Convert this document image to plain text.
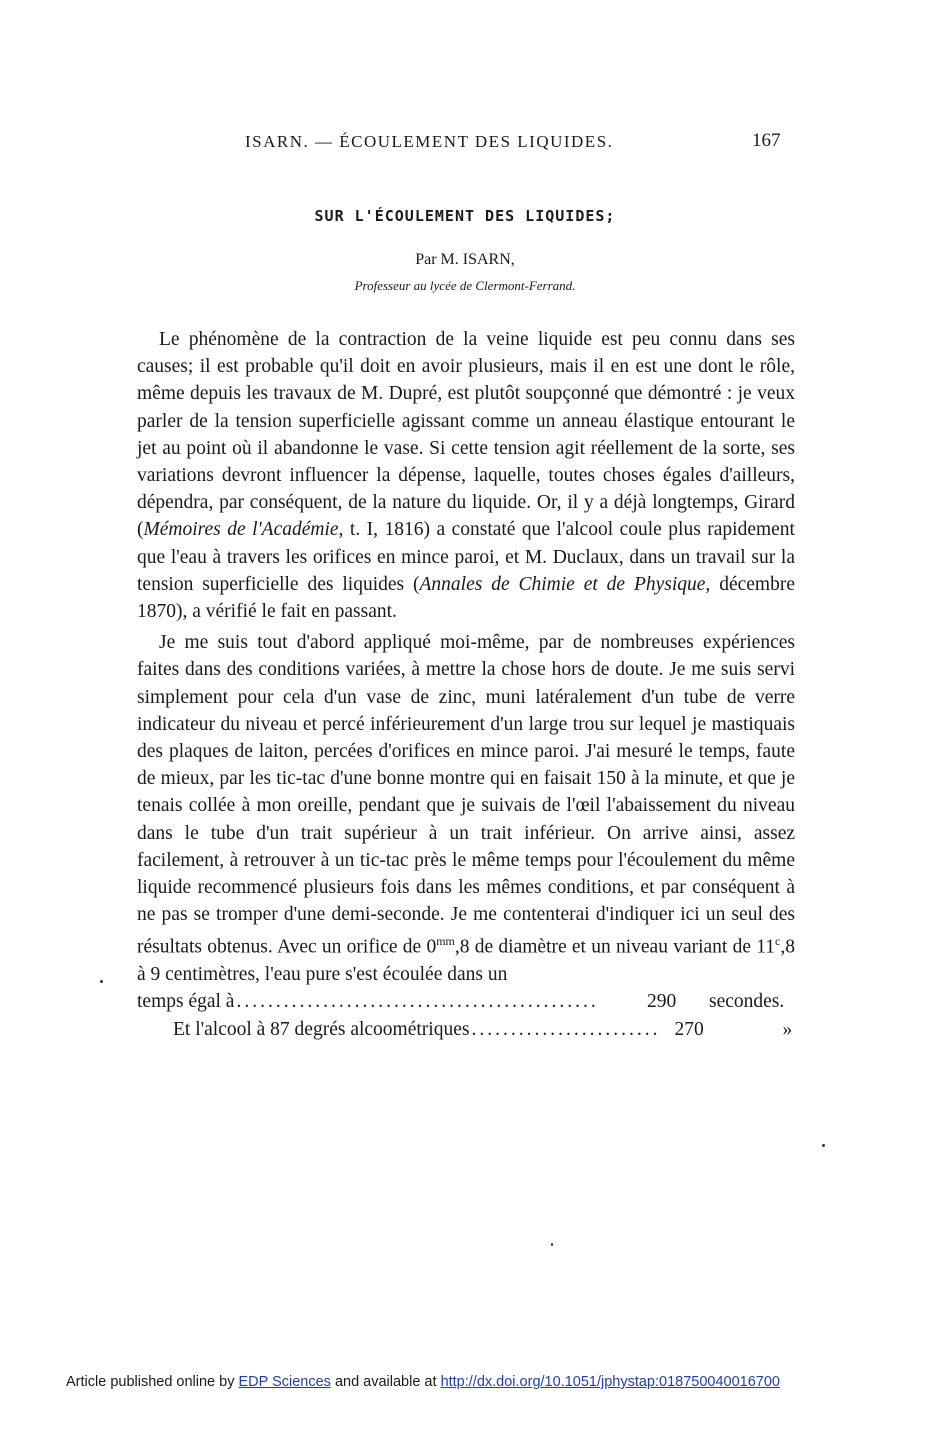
ISARN. — ÉCOULEMENT DES LIQUIDES.	167
SUR L'ÉCOULEMENT DES LIQUIDES;
Par M. ISARN,
Professeur au lycée de Clermont-Ferrand.

Le phénomène de la contraction de la veine liquide est peu connu dans ses causes; il est probable qu'il doit en avoir plusieurs, mais il en est une dont le rôle, même depuis les travaux de M. Dupré, est plutôt soupçonné que démontré : je veux parler de la tension superficielle agissant comme un anneau élastique entourant le jet au point où il abandonne le vase. Si cette tension agit réellement de la sorte, ses variations devront influencer la dépense, laquelle, toutes choses égales d'ailleurs, dépendra, par conséquent, de la nature du liquide. Or, il y a déjà longtemps, Girard (Mémoires de l'Académie, t. I, 1816) a constaté que l'alcool coule plus rapidement que l'eau à travers les orifices en mince paroi, et M. Duclaux, dans un travail sur la tension superficielle des liquides (Annales de Chimie et de Physique, décembre 1870), a vérifié le fait en passant.

Je me suis tout d'abord appliqué moi-même, par de nombreuses expériences faites dans des conditions variées, à mettre la chose hors de doute. Je me suis servi simplement pour cela d'un vase de zinc, muni latéralement d'un tube de verre indicateur du niveau et percé inférieurement d'un large trou sur lequel je mastiquais des plaques de laiton, percées d'orifices en mince paroi. J'ai mesuré le temps, faute de mieux, par les tic-tac d'une bonne montre qui en faisait 150 à la minute, et que je tenais collée à mon oreille, pendant que je suivais de l'œil l'abaissement du niveau dans le tube d'un trait supérieur à un trait inférieur. On arrive ainsi, assez facilement, à retrouver à un tic-tac près le même temps pour l'écoulement du même liquide recommencé plusieurs fois dans les mêmes conditions, et par conséquent à ne pas se tromper d'une demi-seconde. Je me contenterai d'indiquer ici un seul des résultats obtenus. Avec un orifice de $0^{mm},8$ de diamètre et un niveau variant de 11$^c$,8 à 9 centimètres, l'eau pure s'est écoulée dans un

temps égal à ..............................................	290	secondes.
Et l'alcool à 87 degrés alcoométriques ........................ 270	»
Article published online by EDP Sciences and available at http://dx.doi.org/10.1051/jphystap:018750040016700
